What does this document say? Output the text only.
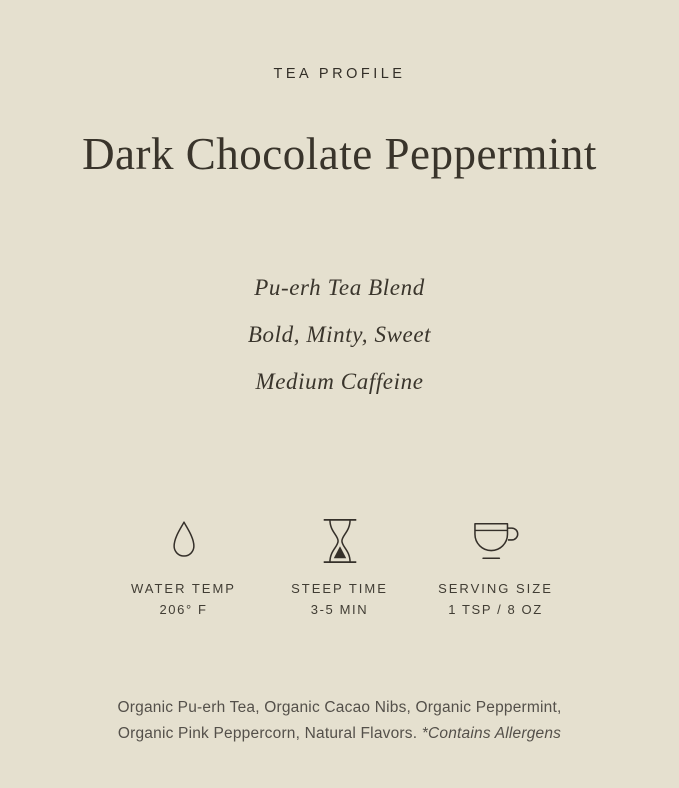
TEA PROFILE
Dark Chocolate Peppermint
Pu-erh Tea Blend
Bold, Minty, Sweet
Medium Caffeine
WATER TEMP
206° F
STEEP TIME
3-5 MIN
SERVING SIZE
1 TSP / 8 OZ

Organic Pu-erh Tea, Organic Cacao Nibs, Organic Peppermint,
Organic Pink Peppercorn, Natural Flavors. *Contains Allergens
